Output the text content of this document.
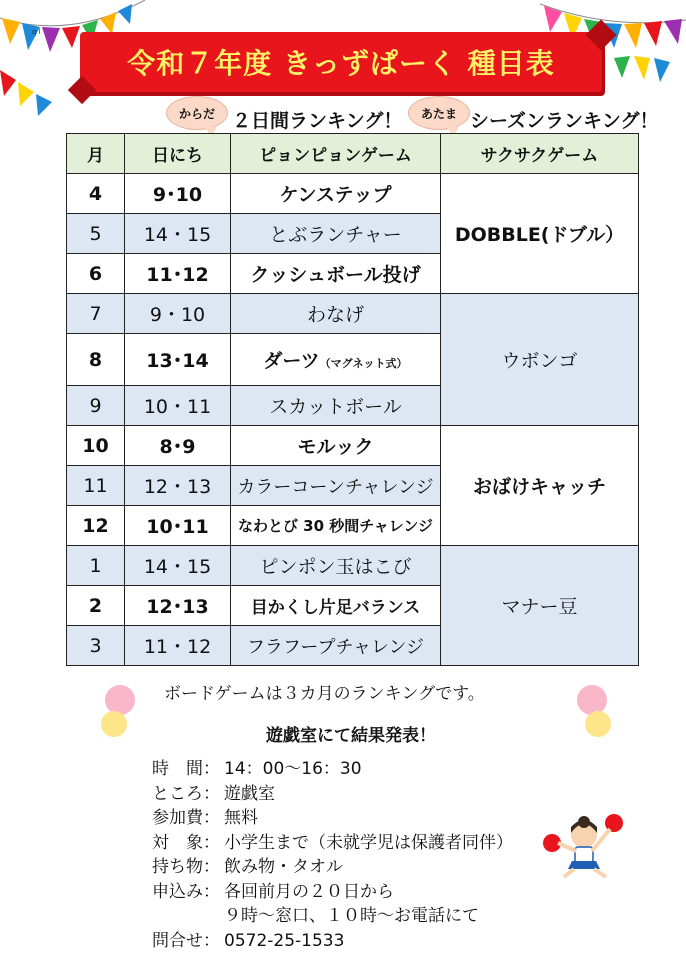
q l
令和７年度 きっずぱーく 種目表
からだ ２日間ランキング！ あたま シーズンランキング！
月	日にち	ピョンピョンゲーム	サクサクゲーム
4	9･10	ケンステップ	DOBBLE(ドブル）
5	14・15	とぶランチャー	
6	11･12	クッシュボール投げ	
7	9・10	わなげ	ウボンゴ
8	13･14	ダーツ（マグネット式）	
9	10・11	スカットボール	
10	8･9	モルック	おばけキャッチ
11	12・13	カラーコーンチャレンジ	
12	10･11	なわとび 30 秒間チャレンジ	
1	14・15	ピンポン玉はこび	マナー豆
2	12･13	目かくし片足バランス	
3	11・12	フラフープチャレンジ	
ボードゲームは３カ月のランキングです。
遊戯室にて結果発表！
時　間： 14：00〜16：30
ところ： 遊戯室
参加費： 無料
対　象： 小学生まで（未就学児は保護者同伴）
持ち物： 飲み物・タオル
申込み： 各回前月の２０日から
９時〜窓口、１０時〜お電話にて
問合せ： 0572-25-1533
